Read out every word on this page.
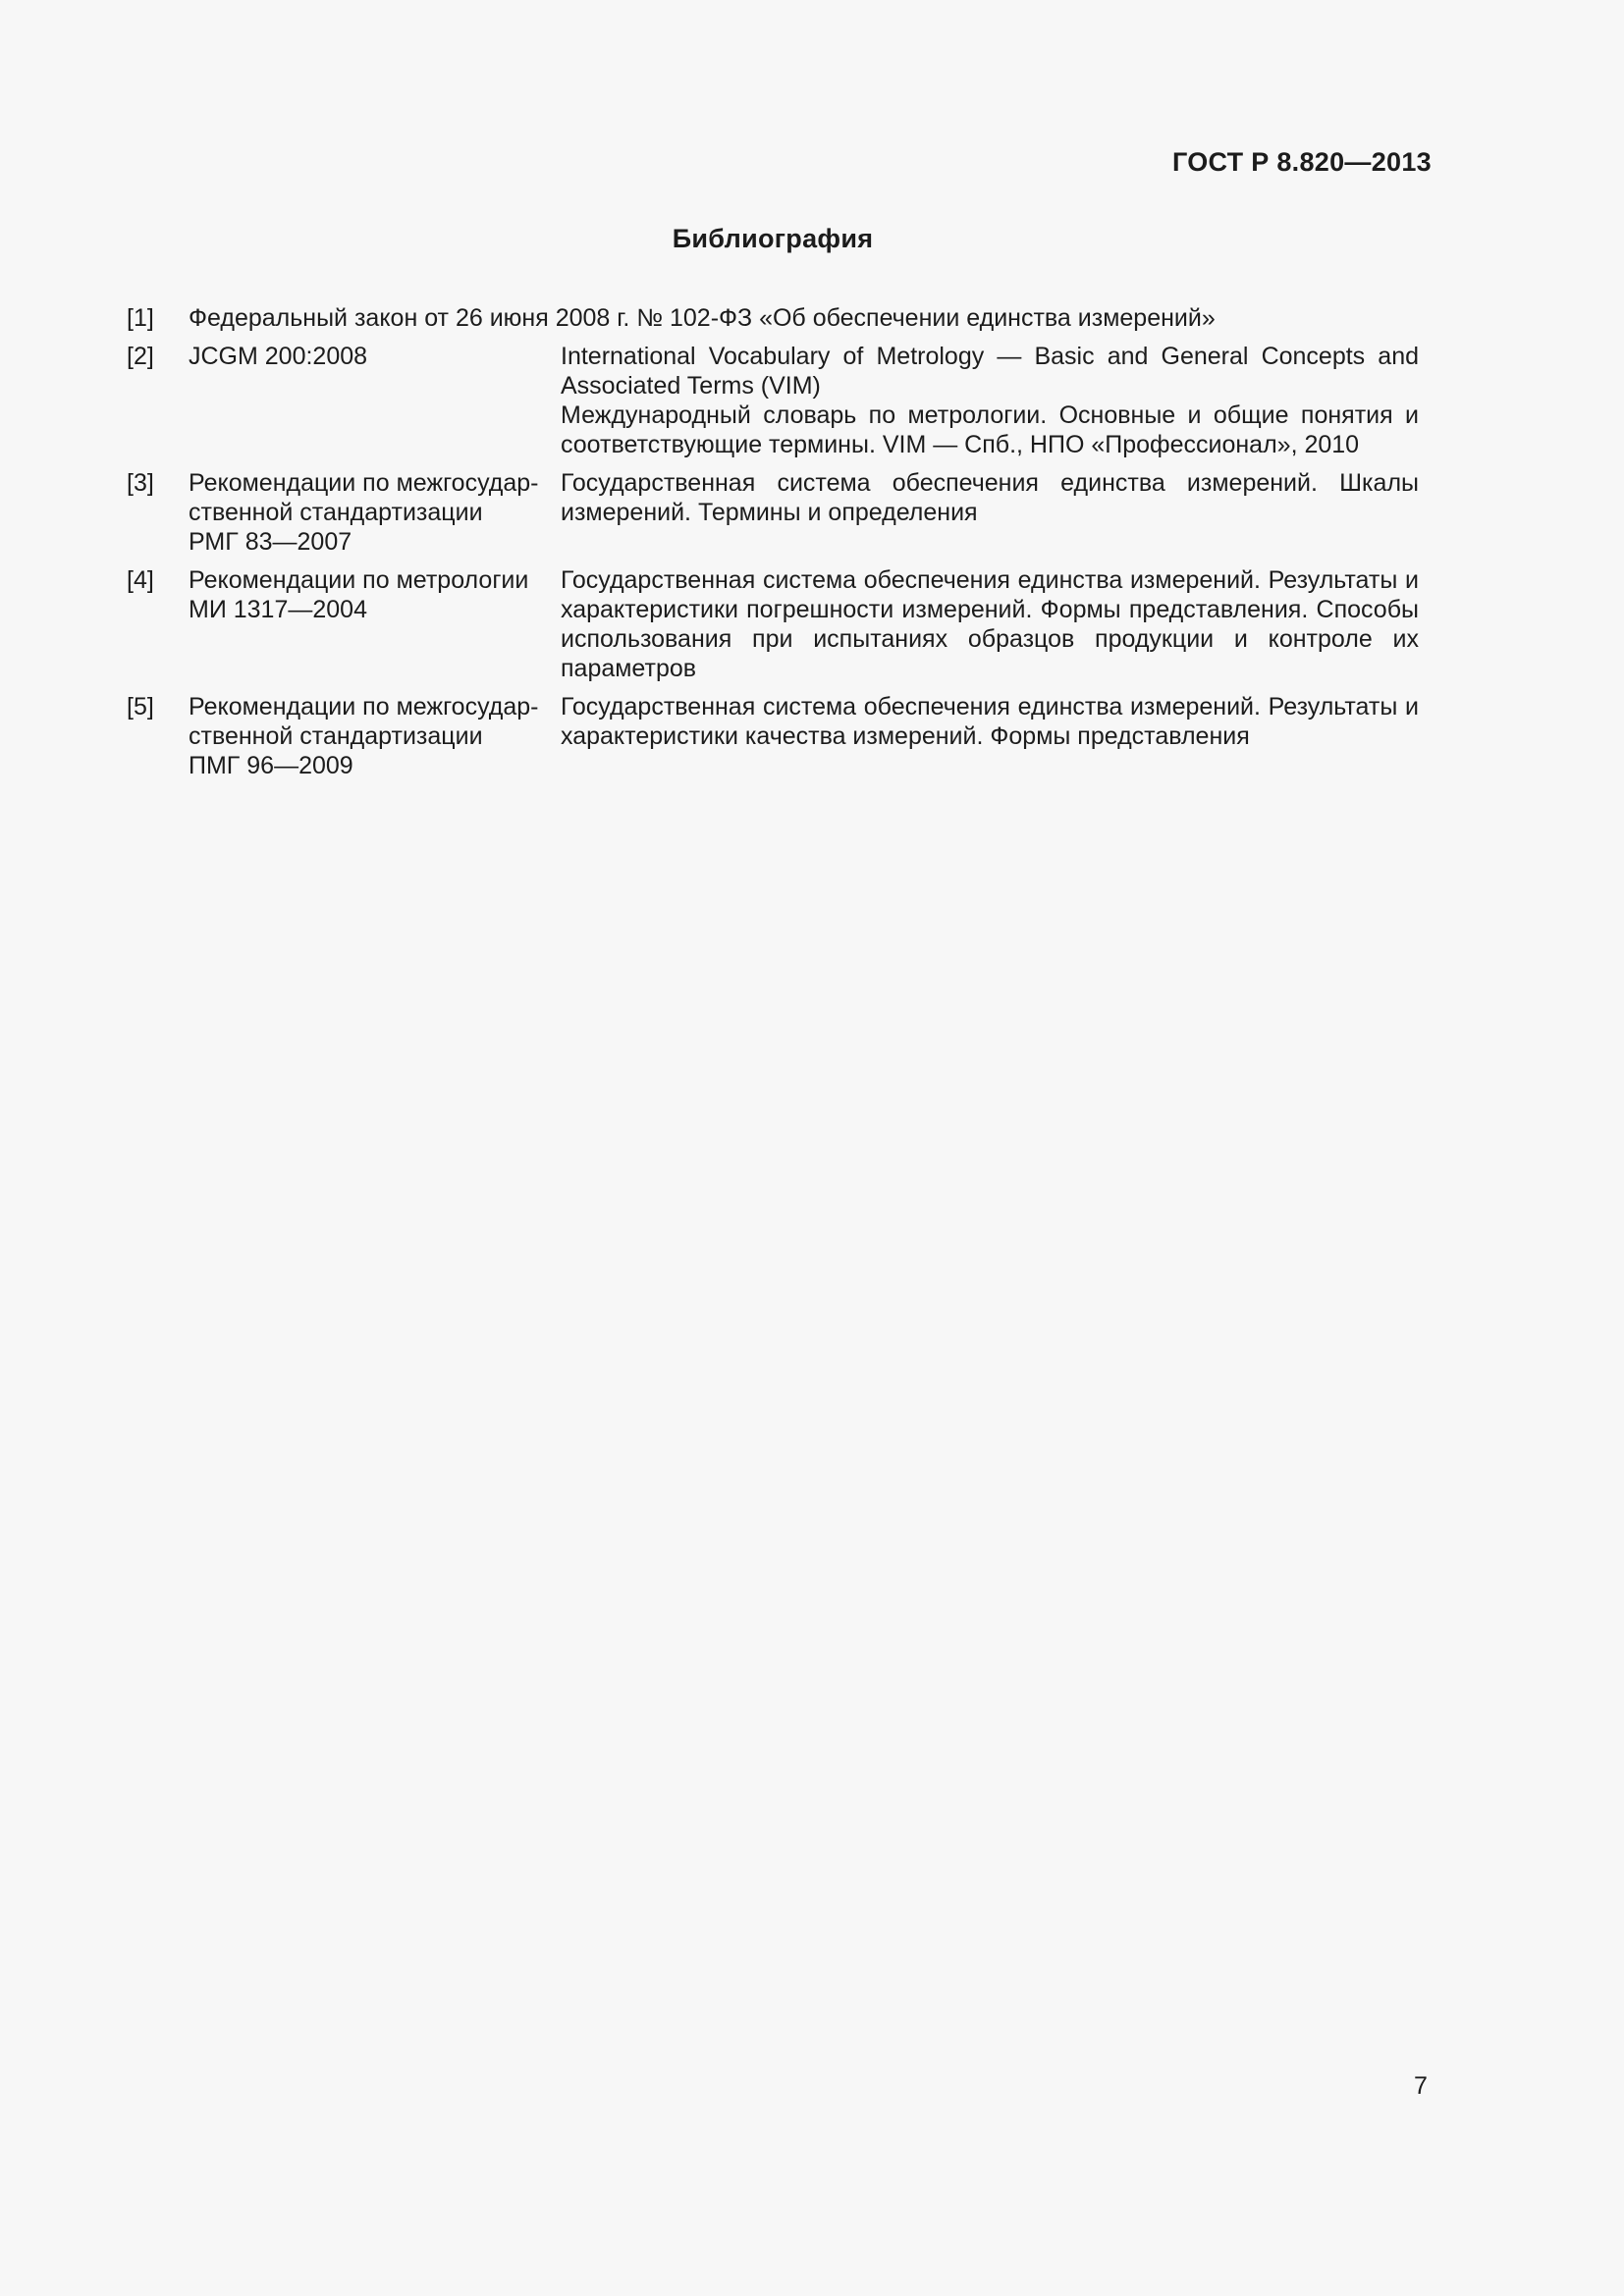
ГОСТ Р 8.820—2013
Библиография
[1] Федеральный закон от 26 июня 2008 г. № 102-ФЗ «Об обеспечении единства измерений»
[2] JCGM 200:2008	International Vocabulary of Metrology — Basic and General Concepts and Associated Terms (VIM)
Международный словарь по метрологии. Основные и общие понятия и соответствующие термины. VIM — Спб., НПО «Профессионал», 2010
[3] Рекомендации по межгосудар-
ственной стандартизации
РМГ 83—2007
Государственная система обеспечения единства измерений. Шкалы измерений. Термины и определения
[4] Рекомендации по метрологии
МИ 1317—2004
Государственная система обеспечения единства измерений. Результаты и характеристики погрешности измерений. Формы представления. Способы использования при испытаниях образцов продукции и контроле их параметров
[5] Рекомендации по межгосудар-
ственной стандартизации
ПМГ 96—2009
Государственная система обеспечения единства измерений. Результаты и характеристики качества измерений. Формы представления
7
